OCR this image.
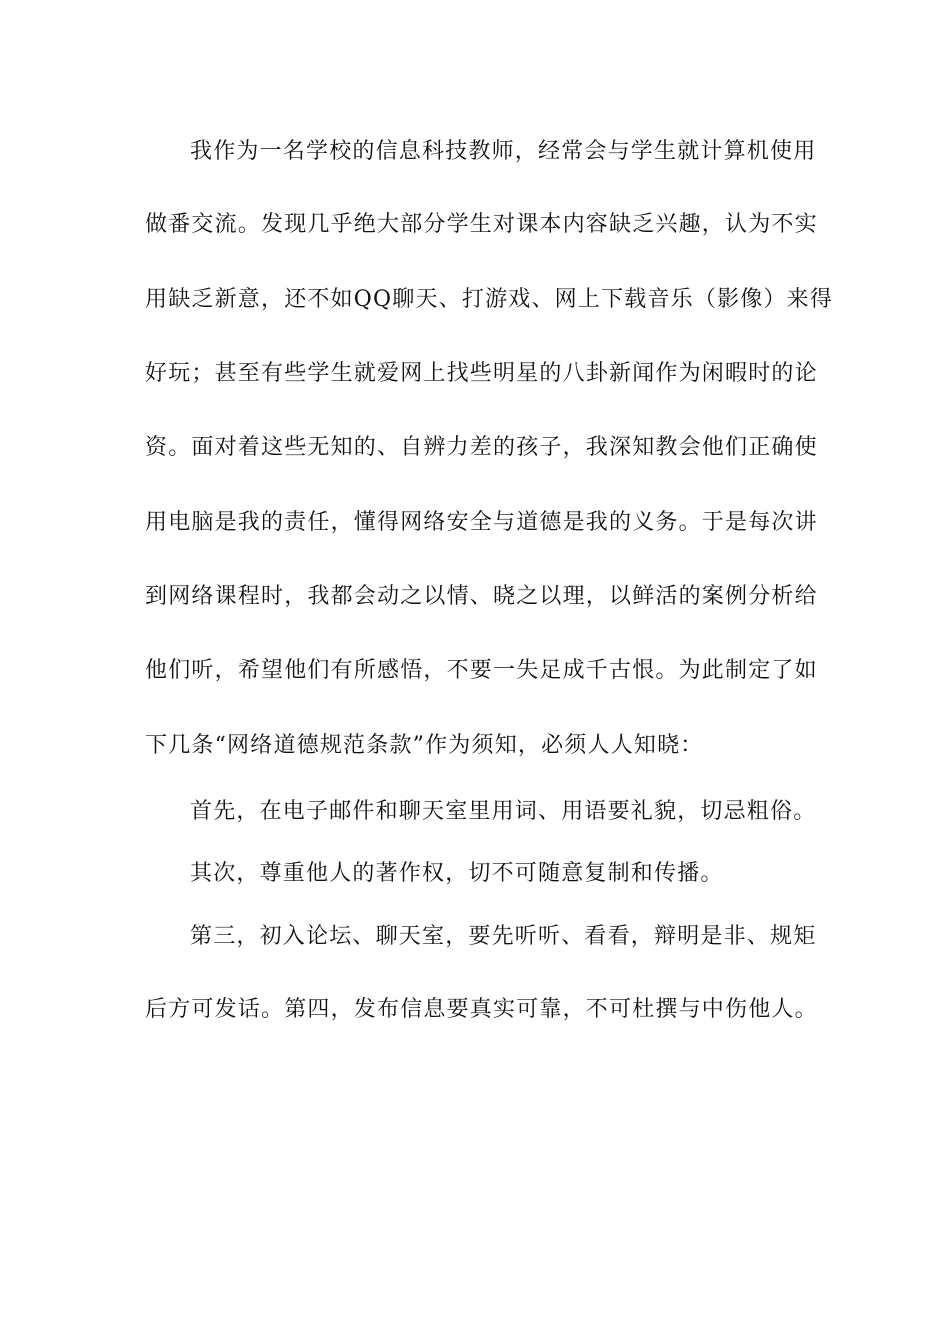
我作为一名学校的信息科技教师，经常会与学生就计算机使用
做番交流。发现几乎绝大部分学生对课本内容缺乏兴趣，认为不实
用缺乏新意，还不如QQ聊天、打游戏、网上下载音乐（影像）来得
好玩；甚至有些学生就爱网上找些明星的八卦新闻作为闲暇时的论
资。面对着这些无知的、自辨力差的孩子，我深知教会他们正确使
用电脑是我的责任，懂得网络安全与道德是我的义务。于是每次讲
到网络课程时，我都会动之以情、晓之以理，以鲜活的案例分析给
他们听，希望他们有所感悟，不要一失足成千古恨。为此制定了如
下几条“网络道德规范条款”作为须知，必须人人知晓：
首先，在电子邮件和聊天室里用词、用语要礼貌，切忌粗俗。
其次，尊重他人的著作权，切不可随意复制和传播。
第三，初入论坛、聊天室，要先听听、看看，辩明是非、规矩
后方可发话。第四，发布信息要真实可靠，不可杜撰与中伤他人。
